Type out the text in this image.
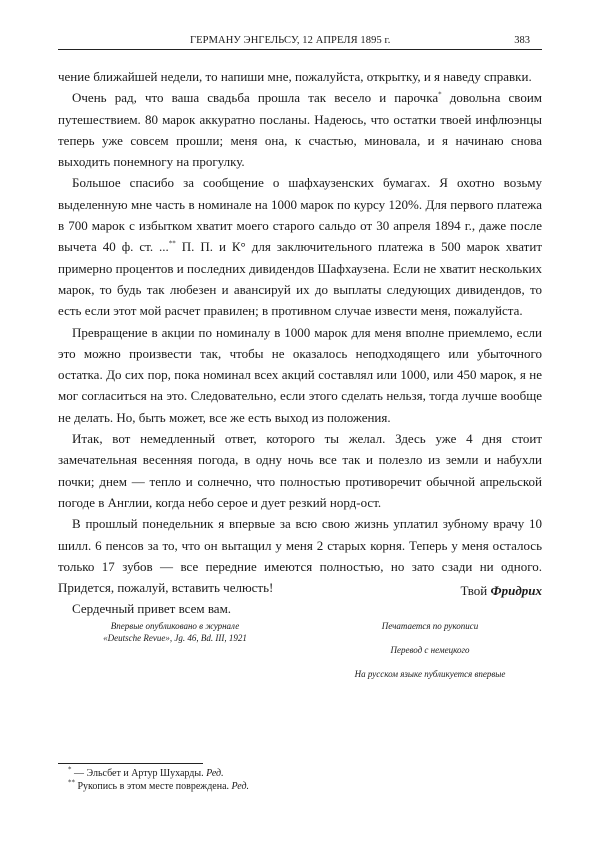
ГЕРМАНУ ЭНГЕЛЬСУ, 12 АПРЕЛЯ 1895 г.	383

чение ближайшей недели, то напиши мне, пожалуйста, открытку, и я наведу справки.

Очень рад, что ваша свадьба прошла так весело и парочка* довольна своим путешествием. 80 марок аккуратно посланы. Надеюсь, что остатки твоей инфлюэнцы теперь уже совсем прошли; меня она, к счастью, миновала, и я начинаю снова выходить понемногу на прогулку.

Большое спасибо за сообщение о шафхаузенских бумагах. Я охотно возьму выделенную мне часть в номинале на 1000 марок по курсу 120%. Для первого платежа в 700 марок с избытком хватит моего старого сальдо от 30 апреля 1894 г., даже после вычета 40 ф. ст. ...** П. П. и К° для заключительного платежа в 500 марок хватит примерно процентов и последних дивидендов Шафхаузена. Если не хватит нескольких марок, то будь так любезен и авансируй их до выплаты следующих дивидендов, то есть если этот мой расчет правилен; в противном случае извести меня, пожалуйста.

Превращение в акции по номиналу в 1000 марок для меня вполне приемлемо, если это можно произвести так, чтобы не оказалось неподходящего или убыточного остатка. До сих пор, пока номинал всех акций составлял или 1000, или 450 марок, я не мог согласиться на это. Следовательно, если этого сделать нельзя, тогда лучше вообще не делать. Но, быть может, все же есть выход из положения.

Итак, вот немедленный ответ, которого ты желал. Здесь уже 4 дня стоит замечательная весенняя погода, в одну ночь все так и полезло из земли и набухли почки; днем — тепло и солнечно, что полностью противоречит обычной апрельской погоде в Англии, когда небо серое и дует резкий норд-ост.

В прошлый понедельник я впервые за всю свою жизнь уплатил зубному врачу 10 шилл. 6 пенсов за то, что он вытащил у меня 2 старых корня. Теперь у меня осталось только 17 зубов — все передние имеются полностью, но зато сзади ни одного. Придется, пожалуй, вставить челюсть!

Сердечный привет всем вам.

Твой Фридрих
Впервые опубликовано в журнале
«Deutsche Revue», Jg. 46, Bd. III, 1921
Печатается по рукописи
Перевод с немецкого
На русском языке публикуется впервые
* — Эльсбет и Артур Шухарды. Ред.
** Рукопись в этом месте повреждена. Ред.
